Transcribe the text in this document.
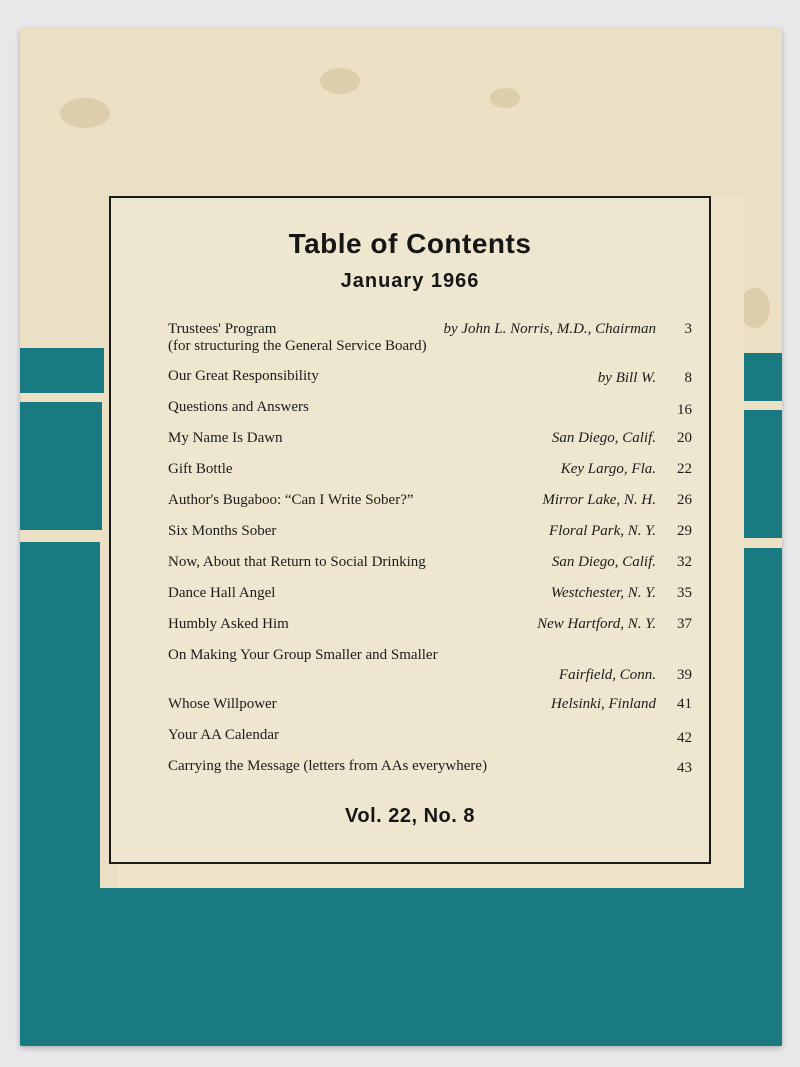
Table of Contents
January 1966
Trustees' Program
(for structuring the General Service Board)
by John L. Norris, M.D., Chairman	3
Our Great Responsibility	by Bill W.	8
Questions and Answers	16
My Name Is Dawn	San Diego, Calif.	20
Gift Bottle	Key Largo, Fla.	22
Author's Bugaboo: “Can I Write Sober?”	Mirror Lake, N. H.	26
Six Months Sober	Floral Park, N. Y.	29
Now, About that Return to Social Drinking	San Diego, Calif.	32
Dance Hall Angel	Westchester, N. Y.	35
Humbly Asked Him	New Hartford, N. Y.	37
On Making Your Group Smaller and Smaller
Fairfield, Conn.	39
Whose Willpower	Helsinki, Finland	41
Your AA Calendar	42
Carrying the Message (letters from AAs everywhere)	43
Vol. 22, No. 8
